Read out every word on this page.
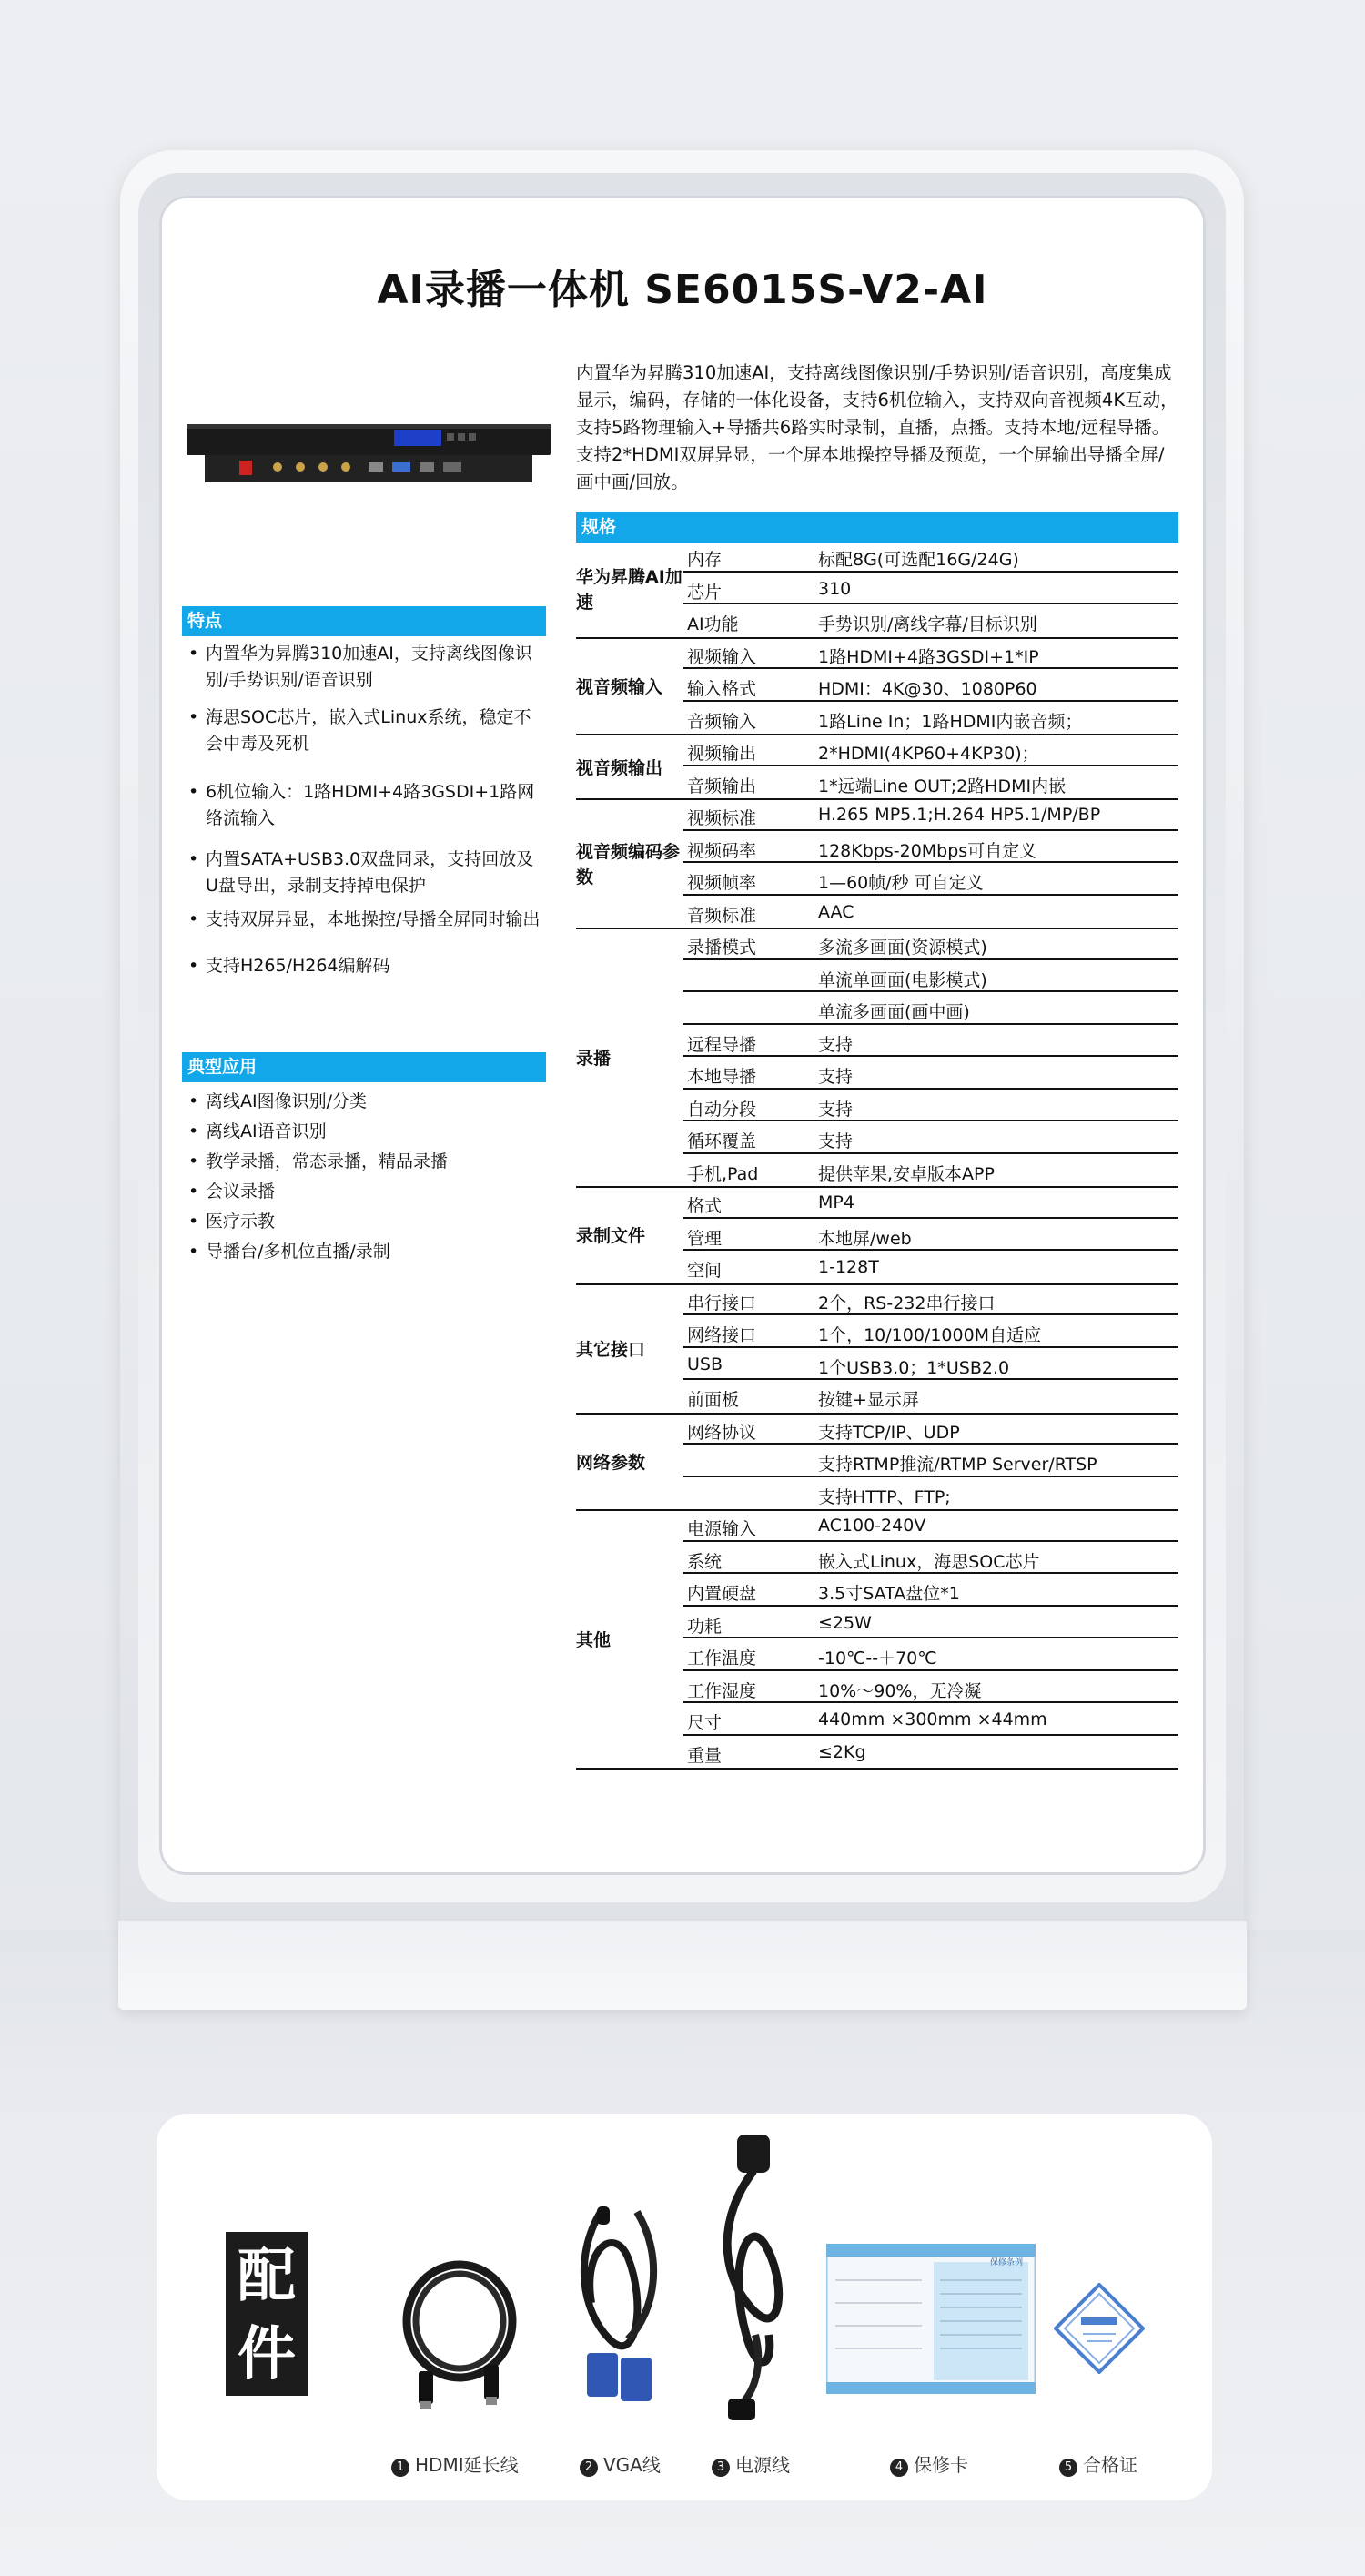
AI录播一体机 SE6015S-V2-AI
内置华为昇腾310加速AI，支持离线图像识别/手势识别/语音识别，高度集成显示，编码，存储的一体化设备，支持6机位输入，支持双向音视频4K互动，支持5路物理输入+导播共6路实时录制，直播，点播。支持本地/远程导播。支持2*HDMI双屏异显，一个屏本地操控导播及预览，一个屏输出导播全屏/画中画/回放。
特点
• 内置华为昇腾310加速AI，支持离线图像识别/手势识别/语音识别
• 海思SOC芯片，嵌入式Linux系统，稳定不会中毒及死机
• 6机位输入：1路HDMI+4路3GSDI+1路网络流输入
• 内置SATA+USB3.0双盘同录，支持回放及U盘导出，录制支持掉电保护
• 支持双屏异显，本地操控/导播全屏同时输出
• 支持H265/H264编解码
典型应用
• 离线AI图像识别/分类
• 离线AI语音识别
• 教学录播，常态录播，精品录播
• 会议录播
• 医疗示教
• 导播台/多机位直播/录制
规格
内存	标配8G(可选配16G/24G)
芯片	310
AI功能	手势识别/离线字幕/目标识别
华为昇腾AI加速
视频输入	1路HDMI+4路3GSDI+1*IP
输入格式	HDMI：4K@30、1080P60
音频输入	1路Line In；1路HDMI内嵌音频；
视音频输入
视频输出	2*HDMI(4KP60+4KP30)；
音频输出	1*远端Line OUT;2路HDMI内嵌
视音频输出
视频标准	H.265 MP5.1;H.264 HP5.1/MP/BP
视频码率	128Kbps-20Mbps可自定义
视频帧率	1—60帧/秒 可自定义
音频标准	AAC
视音频编码参数
录播模式	多流多画面(资源模式)
单流单画面(电影模式)
单流多画面(画中画)
远程导播	支持
本地导播	支持
自动分段	支持
循环覆盖	支持
手机,Pad	提供苹果,安卓版本APP
录播
格式	MP4
管理	本地屏/web
空间	1-128T
录制文件
串行接口	2个，RS-232串行接口
网络接口	1个，10/100/1000M自适应
USB	1个USB3.0；1*USB2.0
前面板	按键+显示屏
其它接口
网络协议	支持TCP/IP、UDP
支持RTMP推流/RTMP Server/RTSP
支持HTTP、FTP;
网络参数
电源输入	AC100-240V
系统	嵌入式Linux，海思SOC芯片
内置硬盘	3.5寸SATA盘位*1
功耗	≤25W
工作温度	-10℃--＋70℃
工作湿度	10%～90%，无冷凝
尺寸	440mm ×300mm ×44mm
重量	≤2Kg
其他
配
件
保修条例
1 HDMI延长线	2 VGA线	3 电源线	4 保修卡	5 合格证
